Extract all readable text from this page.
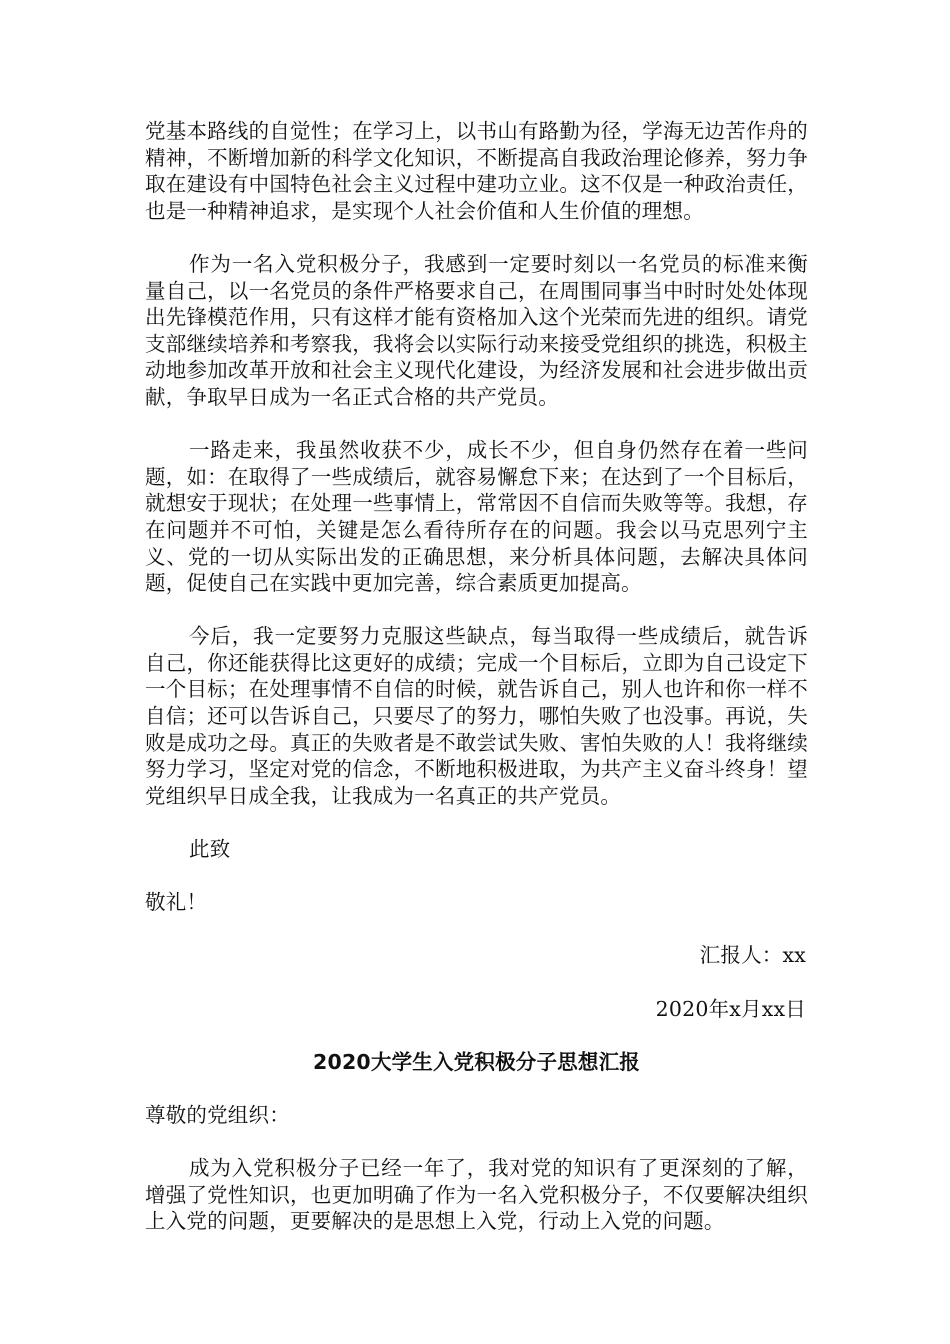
党基本路线的自觉性；在学习上，以书山有路勤为径，学海无边苦作舟的精神，不断增加新的科学文化知识，不断提高自我政治理论修养，努力争取在建设有中国特色社会主义过程中建功立业。这不仅是一种政治责任，也是一种精神追求，是实现个人社会价值和人生价值的理想。

作为一名入党积极分子，我感到一定要时刻以一名党员的标准来衡量自己，以一名党员的条件严格要求自己，在周围同事当中时时处处体现出先锋模范作用，只有这样才能有资格加入这个光荣而先进的组织。请党支部继续培养和考察我，我将会以实际行动来接受党组织的挑选，积极主动地参加改革开放和社会主义现代化建设，为经济发展和社会进步做出贡献，争取早日成为一名正式合格的共产党员。

一路走来，我虽然收获不少，成长不少，但自身仍然存在着一些问题，如：在取得了一些成绩后，就容易懈怠下来；在达到了一个目标后，就想安于现状；在处理一些事情上，常常因不自信而失败等等。我想，存在问题并不可怕，关键是怎么看待所存在的问题。我会以马克思列宁主义、党的一切从实际出发的正确思想，来分析具体问题，去解决具体问题，促使自己在实践中更加完善，综合素质更加提高。

今后，我一定要努力克服这些缺点，每当取得一些成绩后，就告诉自己，你还能获得比这更好的成绩；完成一个目标后，立即为自己设定下一个目标；在处理事情不自信的时候，就告诉自己，别人也许和你一样不自信；还可以告诉自己，只要尽了的努力，哪怕失败了也没事。再说，失败是成功之母。真正的失败者是不敢尝试失败、害怕失败的人！我将继续努力学习，坚定对党的信念，不断地积极进取，为共产主义奋斗终身！望党组织早日成全我，让我成为一名真正的共产党员。

此致

敬礼！

汇报人：xx

2020年x月xx日

2020大学生入党积极分子思想汇报

尊敬的党组织：

成为入党积极分子已经一年了，我对党的知识有了更深刻的了解，增强了党性知识，也更加明确了作为一名入党积极分子，不仅要解决组织上入党的问题，更要解决的是思想上入党，行动上入党的问题。
